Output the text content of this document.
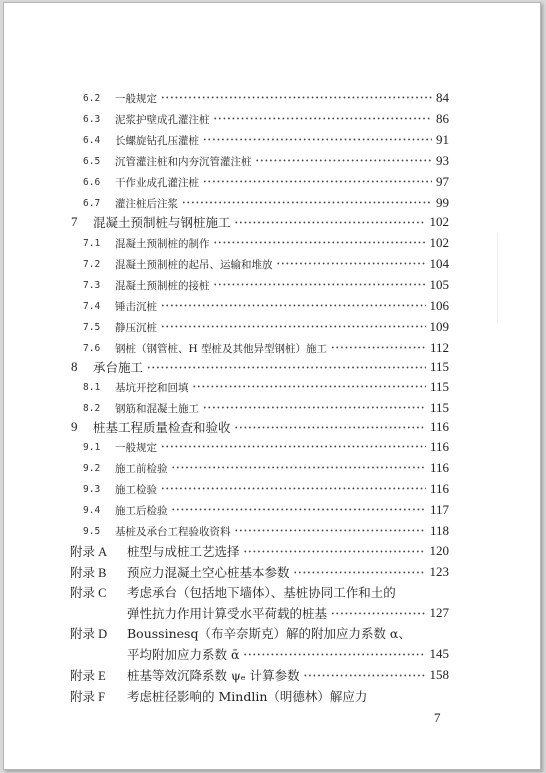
6.2	一般规定 •••••	84
6.3	泥浆护壁成孔灌注桩 •••••	86
6.4	长螺旋钻孔压灌桩 •••••	91
6.5	沉管灌注桩和内夯沉管灌注桩 •••••	93
6.6	干作业成孔灌注桩 •••••	97
6.7	灌注桩后注浆 •••••	99
7	混凝土预制桩与钢桩施工 •••••	102
7.1	混凝土预制桩的制作 •••••	102
7.2	混凝土预制桩的起吊、运输和堆放 •••••	104
7.3	混凝土预制桩的接桩 •••••	105
7.4	锤击沉桩 •••••	106
7.5	静压沉桩 •••••	109
7.6	钢桩（钢管桩、H 型桩及其他异型钢桩）施工 •••••	112
8	承台施工 •••••	115
8.1	基坑开挖和回填 •••••	115
8.2	钢筋和混凝土施工 •••••	115
9	桩基工程质量检查和验收 •••••	116
9.1	一般规定 •••••	116
9.2	施工前检验 •••••	116
9.3	施工检验 •••••	116
9.4	施工后检验 •••••	117
9.5	基桩及承台工程验收资料 •••••	118
附录 A	桩型与成桩工艺选择 •••••	120
附录 B	预应力混凝土空心桩基本参数 •••••	123
附录 C	考虑承台（包括地下墙体）、基桩协同工作和土的
弹性抗力作用计算受水平荷载的桩基 •••••	127
附录 D	Boussinesq（布辛奈斯克）解的附加应力系数 α、
平均附加应力系数 ᾱ •••••	145
附录 E	桩基等效沉降系数 ψₑ 计算参数 •••••	158
附录 F	考虑桩径影响的 Mindlin（明德林）解应力
7
